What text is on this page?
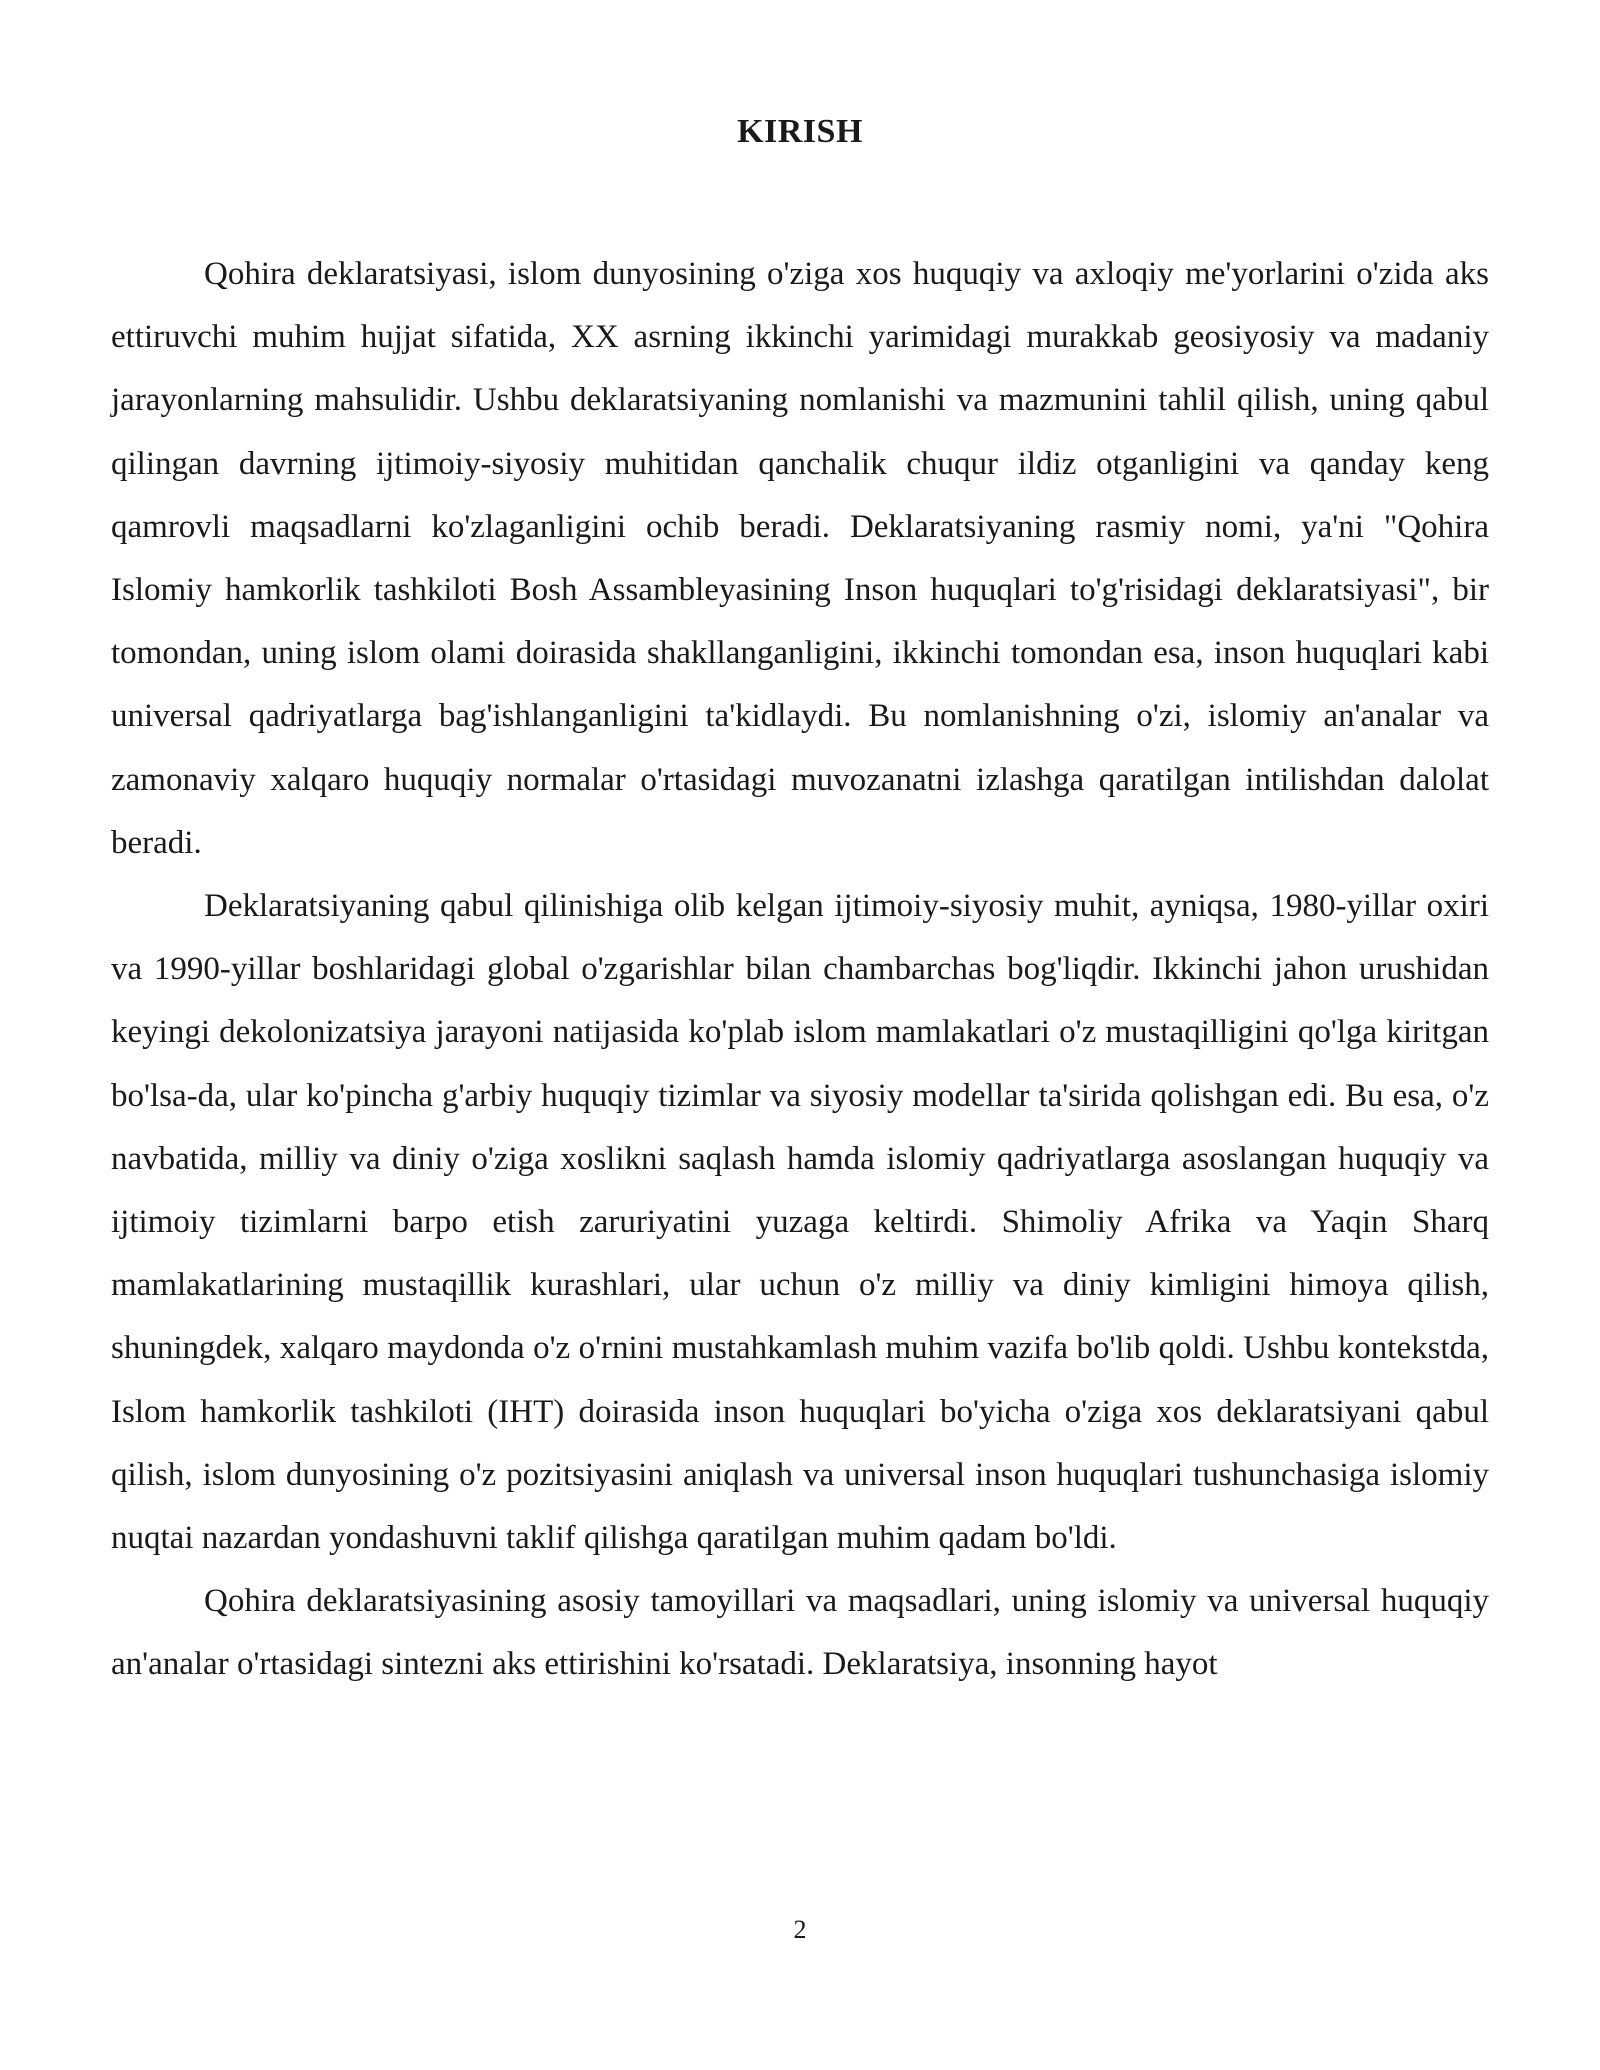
KIRISH

Qohira deklaratsiyasi, islom dunyosining o'ziga xos huquqiy va axloqiy me'yorlarini o'zida aks ettiruvchi muhim hujjat sifatida, XX asrning ikkinchi yarimidagi murakkab geosiyosiy va madaniy jarayonlarning mahsulidir. Ushbu deklaratsiyaning nomlanishi va mazmunini tahlil qilish, uning qabul qilingan davrning ijtimoiy-siyosiy muhitidan qanchalik chuqur ildiz otganligini va qanday keng qamrovli maqsadlarni ko'zlaganligini ochib beradi. Deklaratsiyaning rasmiy nomi, ya'ni "Qohira Islomiy hamkorlik tashkiloti Bosh Assambleyasining Inson huquqlari to'g'risidagi deklaratsiyasi", bir tomondan, uning islom olami doirasida shakllanganligini, ikkinchi tomondan esa, inson huquqlari kabi universal qadriyatlarga bag'ishlanganligini ta'kidlaydi. Bu nomlanishning o'zi, islomiy an'analar va zamonaviy xalqaro huquqiy normalar o'rtasidagi muvozanatni izlashga qaratilgan intilishdan dalolat beradi.

Deklaratsiyaning qabul qilinishiga olib kelgan ijtimoiy-siyosiy muhit, ayniqsa, 1980-yillar oxiri va 1990-yillar boshlaridagi global o'zgarishlar bilan chambarchas bog'liqdir. Ikkinchi jahon urushidan keyingi dekolonizatsiya jarayoni natijasida ko'plab islom mamlakatlari o'z mustaqilligini qo'lga kiritgan bo'lsa-da, ular ko'pincha g'arbiy huquqiy tizimlar va siyosiy modellar ta'sirida qolishgan edi. Bu esa, o'z navbatida, milliy va diniy o'ziga xoslikni saqlash hamda islomiy qadriyatlarga asoslangan huquqiy va ijtimoiy tizimlarni barpo etish zaruriyatini yuzaga keltirdi. Shimoliy Afrika va Yaqin Sharq mamlakatlarining mustaqillik kurashlari, ular uchun o'z milliy va diniy kimligini himoya qilish, shuningdek, xalqaro maydonda o'z o'rnini mustahkamlash muhim vazifa bo'lib qoldi. Ushbu kontekstda, Islom hamkorlik tashkiloti (IHT) doirasida inson huquqlari bo'yicha o'ziga xos deklaratsiyani qabul qilish, islom dunyosining o'z pozitsiyasini aniqlash va universal inson huquqlari tushunchasiga islomiy nuqtai nazardan yondashuvni taklif qilishga qaratilgan muhim qadam bo'ldi.

Qohira deklaratsiyasining asosiy tamoyillari va maqsadlari, uning islomiy va universal huquqiy an'analar o'rtasidagi sintezni aks ettirishini ko'rsatadi. Deklaratsiya, insonning hayot

2
